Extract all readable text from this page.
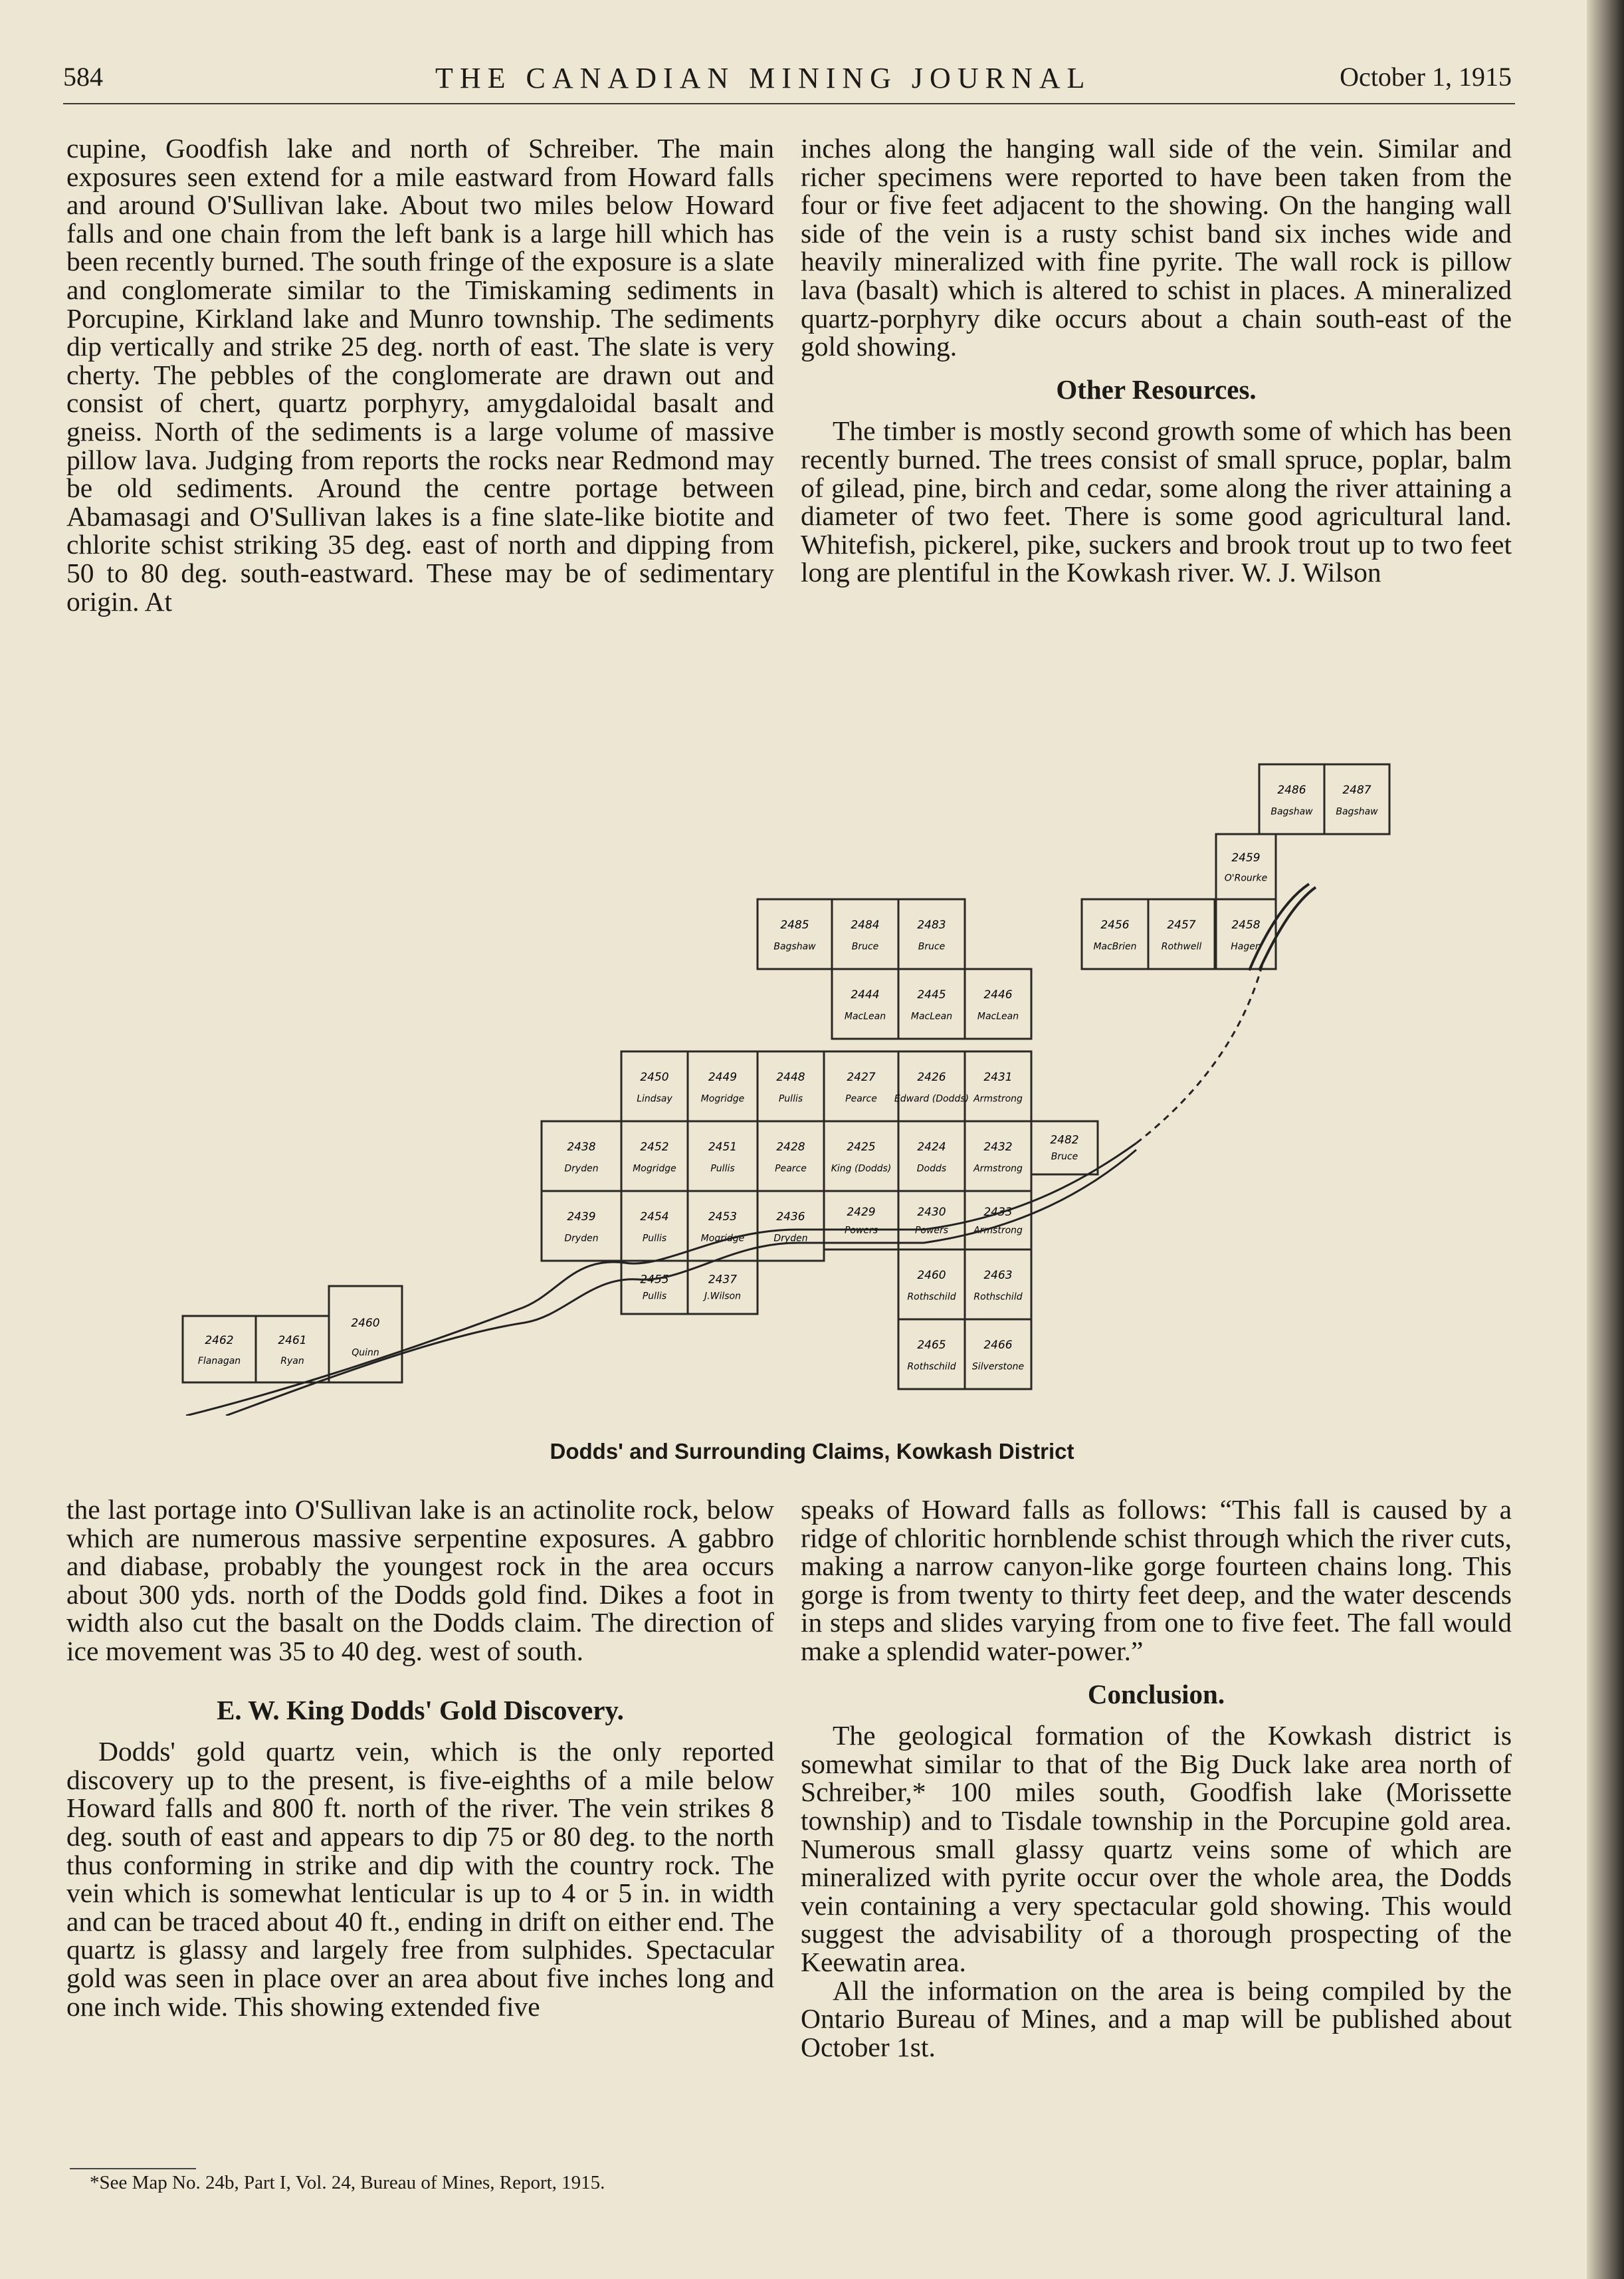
584	THE CANADIAN MINING JOURNAL	October 1, 1915

cupine, Goodfish lake and north of Schreiber. The main exposures seen extend for a mile eastward from Howard falls and around O'Sullivan lake. About two miles below Howard falls and one chain from the left bank is a large hill which has been recently burned. The south fringe of the exposure is a slate and conglomerate similar to the Timiskaming sediments in Porcupine, Kirkland lake and Munro township. The sediments dip vertically and strike 25 deg. north of east. The slate is very cherty. The pebbles of the conglomerate are drawn out and consist of chert, quartz porphyry, amygdaloidal basalt and gneiss. North of the sediments is a large volume of massive pillow lava. Judging from reports the rocks near Redmond may be old sediments. Around the centre portage between Abamasagi and O'Sullivan lakes is a fine slate-like biotite and chlorite schist striking 35 deg. east of north and dipping from 50 to 80 deg. south-eastward. These may be of sedimentary origin. At

inches along the hanging wall side of the vein. Similar and richer specimens were reported to have been taken from the four or five feet adjacent to the showing. On the hanging wall side of the vein is a rusty schist band six inches wide and heavily mineralized with fine pyrite. The wall rock is pillow lava (basalt) which is altered to schist in places. A mineralized quartz-porphyry dike occurs about a chain south-east of the gold showing.

Other Resources.

The timber is mostly second growth some of which has been recently burned. The trees consist of small spruce, poplar, balm of gilead, pine, birch and cedar, some along the river attaining a diameter of two feet. There is some good agricultural land. Whitefish, pickerel, pike, suckers and brook trout up to two feet long are plentiful in the Kowkash river. W. J. Wilson

2486
Bagshaw
2487
Bagshaw
2459
O'Rourke
2456
MacBrien
2457
Rothwell
2458
Hagen
2485
Bagshaw
2484
Bruce
2483
Bruce
2444
MacLean
2445
MacLean
2446
MacLean
2450
Lindsay
2449
Mogridge
2448
Pullis
2427
Pearce
2426
Edward (Dodds)
2431
Armstrong
2438
Dryden
2452
Mogridge
2451
Pullis
2428
Pearce
2425
King (Dodds)
2424
Dodds
2432
Armstrong
2482
Bruce
2439
Dryden
2454
Pullis
2453
Mogridge
2436
Dryden
2429
Powers
2430
Powers
2433
Armstrong
2455
Pullis
2437
J.Wilson
2460
Rothschild
2463
Rothschild
2465
Rothschild
2466
Silverstone
2462
Flanagan
2461
Ryan
2460
Quinn
Dodds' and Surrounding Claims, Kowkash District

the last portage into O'Sullivan lake is an actinolite rock, below which are numerous massive serpentine exposures. A gabbro and diabase, probably the youngest rock in the area occurs about 300 yds. north of the Dodds gold find. Dikes a foot in width also cut the basalt on the Dodds claim. The direction of ice movement was 35 to 40 deg. west of south.

E. W. King Dodds' Gold Discovery.

Dodds' gold quartz vein, which is the only reported discovery up to the present, is five-eighths of a mile below Howard falls and 800 ft. north of the river. The vein strikes 8 deg. south of east and appears to dip 75 or 80 deg. to the north thus conforming in strike and dip with the country rock. The vein which is somewhat lenticular is up to 4 or 5 in. in width and can be traced about 40 ft., ending in drift on either end. The quartz is glassy and largely free from sulphides. Spectacular gold was seen in place over an area about five inches long and one inch wide. This showing extended five

speaks of Howard falls as follows: “This fall is caused by a ridge of chloritic hornblende schist through which the river cuts, making a narrow canyon-like gorge fourteen chains long. This gorge is from twenty to thirty feet deep, and the water descends in steps and slides varying from one to five feet. The fall would make a splendid water-power.”

Conclusion.

The geological formation of the Kowkash district is somewhat similar to that of the Big Duck lake area north of Schreiber,* 100 miles south, Goodfish lake (Morissette township) and to Tisdale township in the Porcupine gold area. Numerous small glassy quartz veins some of which are mineralized with pyrite occur over the whole area, the Dodds vein containing a very spectacular gold showing. This would suggest the advisability of a thorough prospecting of the Keewatin area.

All the information on the area is being compiled by the Ontario Bureau of Mines, and a map will be published about October 1st.

*See Map No. 24b, Part I, Vol. 24, Bureau of Mines, Report, 1915.
